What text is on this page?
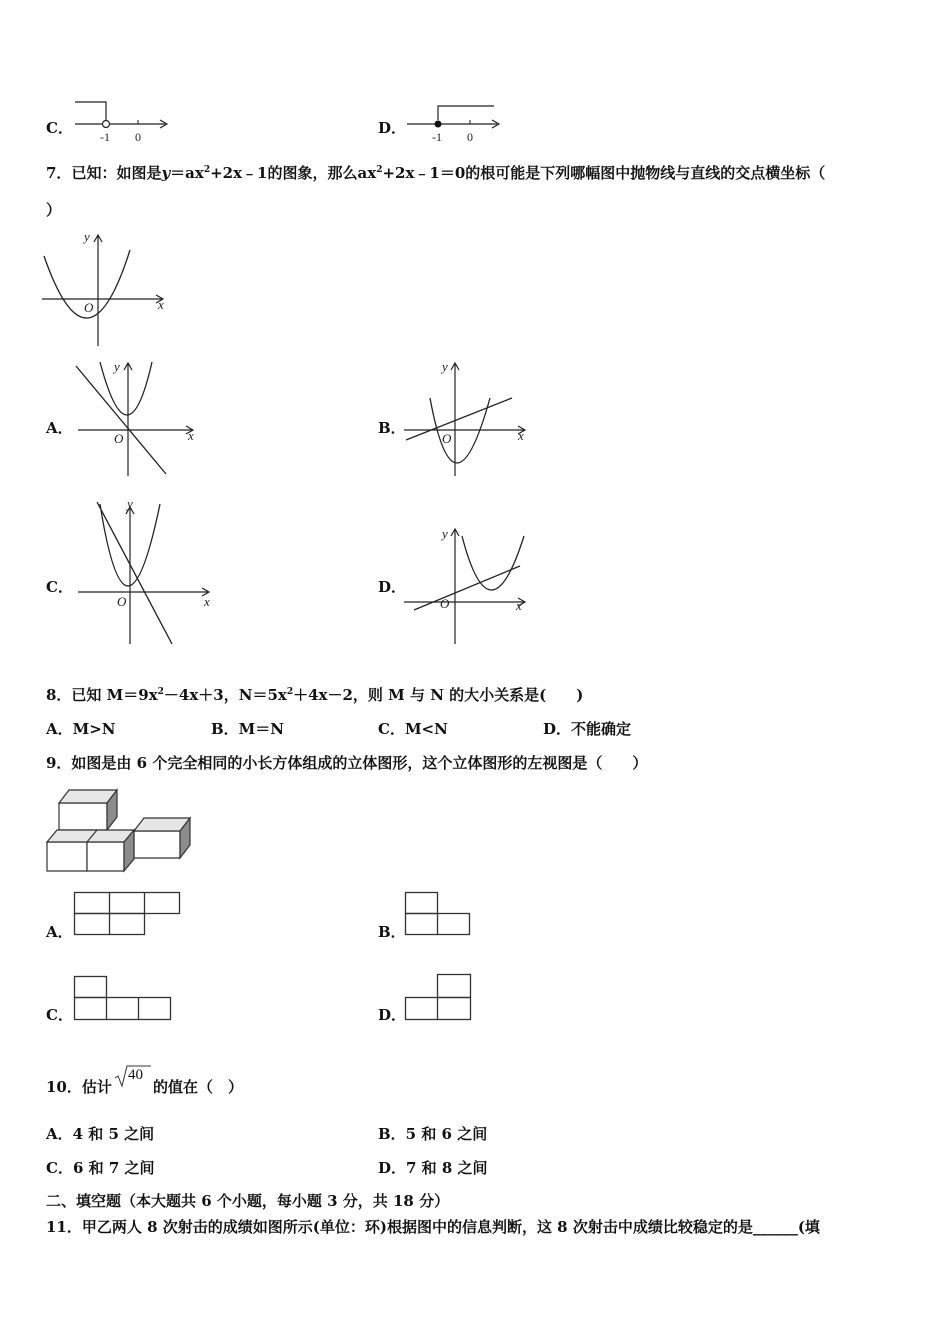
C． -1 0	D． -1 0
7．已知：如图是$y=ax^2+2x﹣1$的图象，那么$ax^2+2x﹣1=0$的根可能是下列哪幅图中抛物线与直线的交点横坐标（
）
O	x
y
A．
O	x
y
B．
O	x
y
C．
O	x
y
D．
O	x
y
8．已知 $M=9x^2-4x+3$，$N=5x^2+4x-2$，则 M 与 N 的大小关系是(　　)
A．M>N	B．M＝N	C．M<N	D．不能确定
9．如图是由 6 个完全相同的小长方体组成的立体图形，这个立体图形的左视图是（　　）
A．	B．
C．	D．
10．估计
40
的值在（　）
A．4 和 5 之间	B．5 和 6 之间
C．6 和 7 之间	D．7 和 8 之间
二、填空题（本大题共 6 个小题，每小题 3 分，共 18 分）
11．甲乙两人 8 次射击的成绩如图所示(单位：环)根据图中的信息判断，这 8 次射击中成绩比较稳定的是______(填
